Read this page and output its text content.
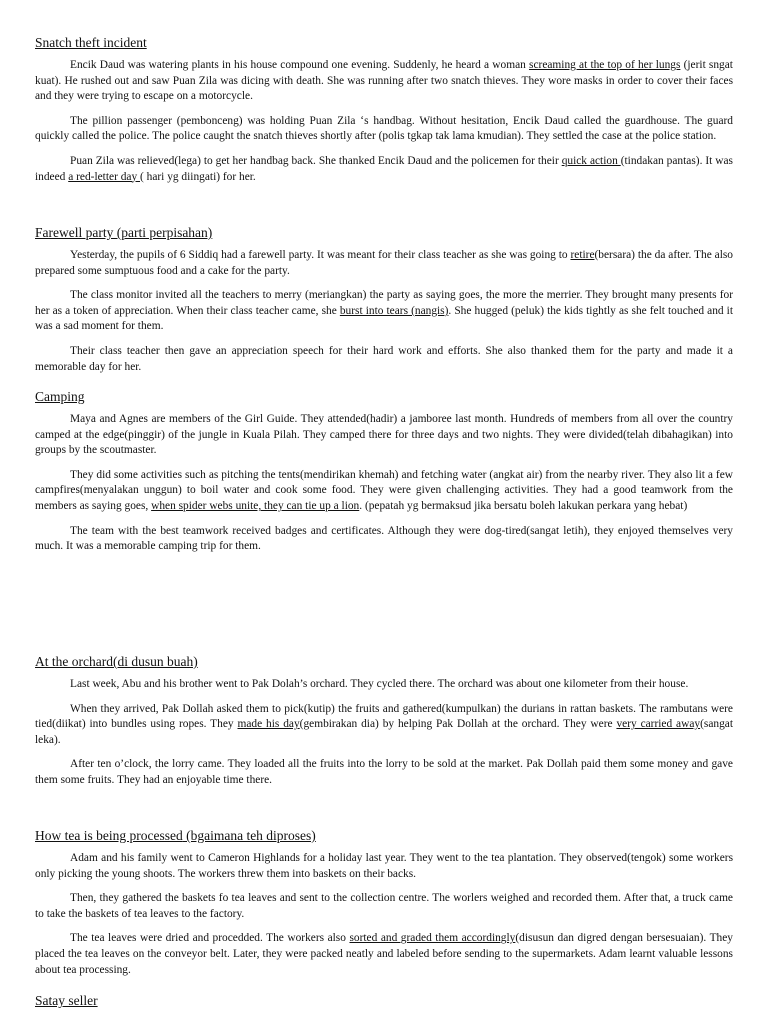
Snatch theft incident

Encik Daud was watering plants in his house compound one evening. Suddenly, he heard a woman screaming at the top of her lungs (jerit sngat kuat). He rushed out and saw Puan Zila was dicing with death. She was running after two snatch thieves. They wore masks in order to cover their faces and they were trying to escape on a motorcycle.

The pillion passenger (pembonceng) was holding Puan Zila ‘s handbag. Without hesitation, Encik Daud called the guardhouse. The guard quickly called the police. The police caught the snatch thieves shortly after (polis tgkap tak lama kmudian). They settled the case at the police station.

Puan Zila was relieved(lega) to get her handbag back. She thanked Encik Daud and the policemen for their quick action (tindakan pantas). It was indeed a red-letter day ( hari yg diingati) for her.

Farewell party (parti perpisahan)

Yesterday, the pupils of 6 Siddiq had a farewell party. It was meant for their class teacher as she was going to retire(bersara) the da after. The also prepared some sumptuous food and a cake for the party.

The class monitor invited all the teachers to merry (meriangkan) the party as saying goes, the more the merrier. They brought many presents for her as a token of appreciation. When their class teacher came, she burst into tears (nangis). She hugged (peluk) the kids tightly as she felt touched and it was a sad moment for them.

Their class teacher then gave an appreciation speech for their hard work and efforts. She also thanked them for the party and made it a memorable day for her.

Camping

Maya and Agnes are members of the Girl Guide. They attended(hadir) a jamboree last month. Hundreds of members from all over the country camped at the edge(pinggir) of the jungle in Kuala Pilah. They camped there for three days and two nights. They were divided(telah dibahagikan) into groups by the scoutmaster.

They did some activities such as pitching the tents(mendirikan khemah) and fetching water (angkat air) from the nearby river. They also lit a few campfires(menyalakan unggun) to boil water and cook some food. They were given challenging activities. They had a good teamwork from the members as saying goes, when spider webs unite, they can tie up a lion. (pepatah yg bermaksud jika bersatu boleh lakukan perkara yang hebat)

The team with the best teamwork received badges and certificates. Although they were dog-tired(sangat letih), they enjoyed themselves very much. It was a memorable camping trip for them.

At the orchard(di dusun buah)

Last week, Abu and his brother went to Pak Dolah’s orchard. They cycled there. The orchard was about one kilometer from their house.

When they arrived, Pak Dollah asked them to pick(kutip) the fruits and gathered(kumpulkan) the durians in rattan baskets. The rambutans were tied(diikat) into bundles using ropes. They made his day(gembirakan dia) by helping Pak Dollah at the orchard. They were very carried away(sangat leka).

After ten o’clock, the lorry came. They loaded all the fruits into the lorry to be sold at the market. Pak Dollah paid them some money and gave them some fruits. They had an enjoyable time there.

How tea is being processed (bgaimana teh diproses)

Adam and his family went to Cameron Highlands for a holiday last year. They went to the tea plantation. They observed(tengok) some workers only picking the young shoots. The workers threw them into baskets on their backs.

Then, they gathered the baskets fo tea leaves and sent to the collection centre. The worlers weighed and recorded them. After that, a truck came to take the baskets of tea leaves to the factory.

The tea leaves were dried and procedded. The workers also sorted and graded them accordingly(disusun dan digred dengan bersesuaian). They placed the tea leaves on the conveyor belt. Later, they were packed neatly and labeled before sending to the supermarkets. Adam learnt valuable lessons about tea processing.

Satay seller
